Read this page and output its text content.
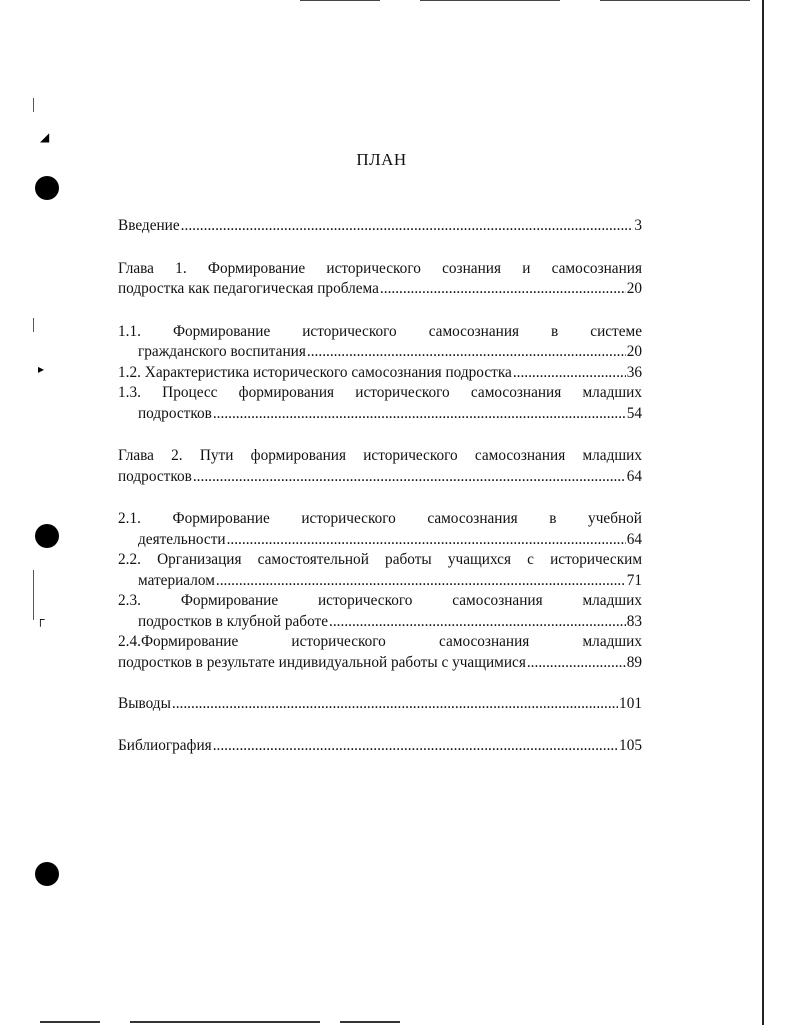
◢
▸
┌
ПЛАН
Введение .....	3
Глава 1. Формирование исторического сознания и самосознания
подростка как педагогическая проблема .....	20
1.1. Формирование исторического самосознания в системе
гражданского воспитания .....	20
1.2. Характеристика исторического самосознания подростка .....	36
1.3. Процесс формирования исторического самосознания младших
подростков .....	54
Глава 2. Пути формирования исторического самосознания младших
подростков .....	64
2.1. Формирование исторического самосознания в учебной
деятельности .....	64
2.2. Организация самостоятельной работы учащихся с историческим
материалом .....	71
2.3. Формирование исторического самосознания младших
подростков в клубной работе .....	83
2.4.Формирование исторического самосознания младших
подростков в результате индивидуальной работы с учащимися .....	89
Выводы .....	101
Библиография .....	105
